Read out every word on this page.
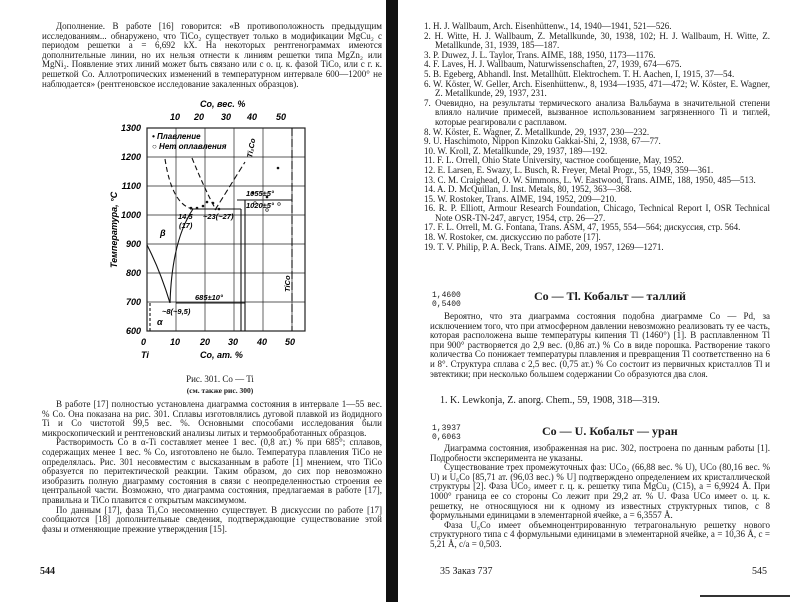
Дополнение. В работе [16] говорится: «В противоположность предыдущим исследованиям... обнаружено, что TiCo₂ существует только в модификации MgCu₂ с периодом решетки a = 6,692 kX. На некоторых рентгенограммах имеются дополнительные линии, но их нельзя отнести к линиям решетки типа MgZn₂ или MgNi₂. Появление этих линий может быть связано или с о. ц. к. фазой TiCo, или с г. к. решеткой Co. Аллотропических изменений в температурном интервале 600—1200° не наблюдается» (рентгеновское исследование закаленных образцов).

Co, вес. %
10 20 30 40 50
1300
1200
1100
1000
900
800
700
600
Температура, °C
• Плавление
○ Нет оплавления Ti₂Co
TiCo
β
α
1055±5°
1020±5°
14,5
(17)
~23(~27)
685±10°
~8(~9,5)
0	10 20 30 40 50
Ti	Co, ат. %
Рис. 301. Co — Ti
(см. также рис. 300)

В работе [17] полностью установлена диаграмма состояния в интервале 1—55 вес. % Co. Она показана на рис. 301. Сплавы изготовлялись дуговой плавкой из йодидного Ti и Co чистотой 99,5 вес. %. Основными способами исследования были микроскопический и рентгеновский анализы литых и термообработанных образцов.

Растворимость Co в α-Ti составляет менее 1 вес. (0,8 ат.) % при 685°; сплавов, содержащих менее 1 вес. % Co, изготовлено не было. Температура плавления TiCo не определялась. Рис. 301 несовместим с высказанным в работе [1] мнением, что TiCo образуется по перитектической реакции. Таким образом, до сих пор невозможно изобразить полную диаграмму состояния в связи с неопределенностью строения ее центральной части. Возможно, что диаграмма состояния, предлагаемая в работе [17], правильна и TiCo плавится с открытым максимумом.

По данным [17], фаза Ti₂Co несомненно существует. В дискуссии по работе [17] сообщаются [18] дополнительные сведения, подтверждающие существование этой фазы и отменяющие прежние утверждения [15].

544
1. H. J. Wallbaum, Arch. Eisenhüttenw., 14, 1940—1941, 521—526.
2. H. Witte, H. J. Wallbaum, Z. Metallkunde, 30, 1938, 102; H. J. Wallbaum, H. Witte, Z. Metallkunde, 31, 1939, 185—187.
3. P. Duwez, J. L. Taylor, Trans. AIME, 188, 1950, 1173—1176.
4. F. Laves, H. J. Wallbaum, Naturwissenschaften, 27, 1939, 674—675.
5. B. Egeberg, Abhandl. Inst. Metallhütt. Elektrochem. T. H. Aachen, I, 1915, 37—54.
6. W. Köster, W. Geller, Arch. Eisenhüttenw., 8, 1934—1935, 471—472; W. Köster, E. Wagner, Z. Metallkunde, 29, 1937, 231.
7. Очевидно, на результаты термического анализа Вальбаума в значительной степени влияло наличие примесей, вызванное использованием загрязненного Ti и тиглей, которые реагировали с расплавом.
8. W. Köster, E. Wagner, Z. Metallkunde, 29, 1937, 230—232.
9. U. Haschimoto, Nippon Kinzoku Gakkai-Shi, 2, 1938, 67—77.
10. W. Kroll, Z. Metallkunde, 29, 1937, 189—192.
11. F. L. Orrell, Ohio State University, частное сообщение, May, 1952.
12. E. Larsen, E. Swazy, L. Busch, R. Freyer, Metal Progr., 55, 1949, 359—361.
13. C. M. Craighead, O. W. Simmons, L. W. Eastwood, Trans. AIME, 188, 1950, 485—513.
14. A. D. McQuillan, J. Inst. Metals, 80, 1952, 363—368.
15. W. Rostoker, Trans. AIME, 194, 1952, 209—210.
16. R. P. Elliott, Armour Research Foundation, Chicago, Technical Report I, OSR Technical Note OSR-TN-247, август, 1954, стр. 26—27.
17. F. L. Orrell, M. G. Fontana, Trans. ASM, 47, 1955, 554—564; дискуссия, стр. 564.
18. W. Rostoker, см. дискуссию по работе [17].
19. T. V. Philip, P. A. Beck, Trans. AIME, 209, 1957, 1269—1271.
1,4600
0,5400
Co — Tl. Кобальт — таллий

Вероятно, что эта диаграмма состояния подобна диаграмме Co — Pd, за исключением того, что при атмосферном давлении невозможно реализовать ту ее часть, которая расположена выше температуры кипения Tl (1460°) [1]. В расплавленном Tl при 900° растворяется до 2,9 вес. (0,86 ат.) % Co в виде порошка. Растворение такого количества Co понижает температуры плавления и превращения Tl соответственно на 6 и 8°. Структура сплава с 2,5 вес. (0,75 ат.) % Co состоит из первичных кристаллов Tl и эвтектики; при несколько большем содержании Co образуются два слоя.

1. K. Lewkonja, Z. anorg. Chem., 59, 1908, 318—319.
1,3937
0,6063	Co — U. Кобальт — уран

Диаграмма состояния, изображенная на рис. 302, построена по данным работы [1]. Подробности эксперимента не указаны.

Существование трех промежуточных фаз: UCo₂ (66,88 вес. % U), UCo (80,16 вес. % U) и U₆Co [85,71 ат. (96,03 вес.) % U] подтверждено определением их кристаллической структуры [2]. Фаза UCo₂ имеет г. ц. к. решетку типа MgCu₂ (C15), a = 6,9924 Å. При 1000° граница ее со стороны Co лежит при 29,2 ат. % U. Фаза UCo имеет о. ц. к. решетку, не относящуюся ни к одному из известных структурных типов, с 8 формульными единицами в элементарной ячейке, a = 6,3557 Å.

Фаза U₆Co имеет объемноцентрированную тетрагональную решетку нового структурного типа с 4 формульными единицами в элементарной ячейке, a = 10,36 Å, c = 5,21 Å, c/a = 0,503.

545
35 Заказ 737
